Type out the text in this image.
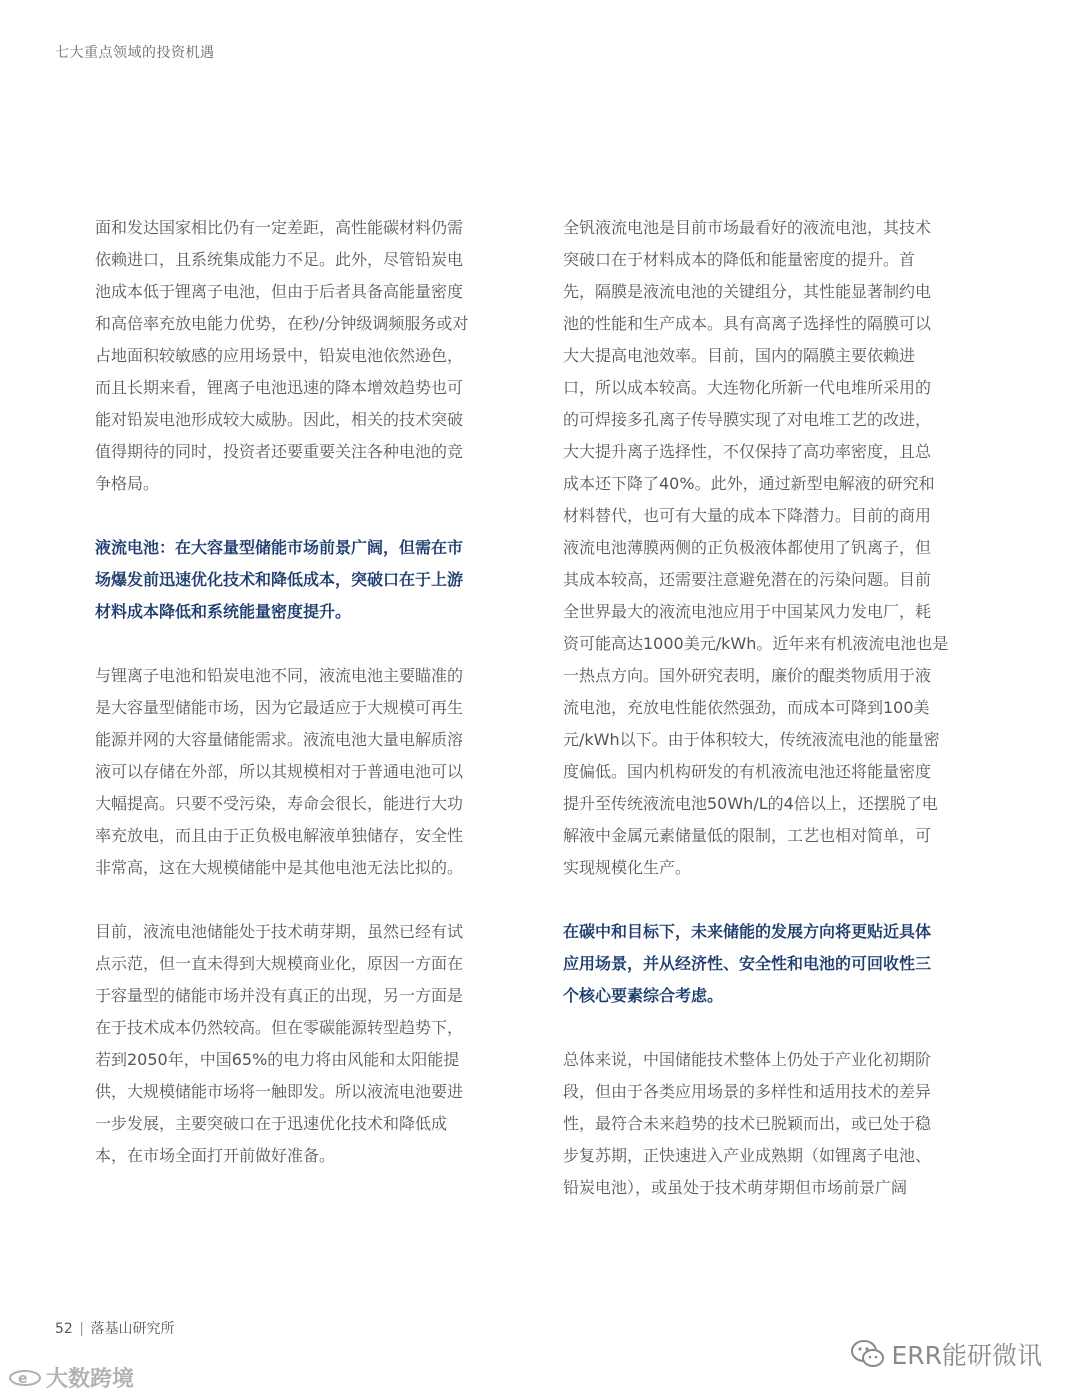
七大重点领域的投资机遇

面和发达国家相比仍有一定差距，高性能碳材料仍需

依赖进口，且系统集成能力不足。此外，尽管铅炭电

池成本低于锂离子电池，但由于后者具备高能量密度

和高倍率充放电能力优势，在秒/分钟级调频服务或对

占地面积较敏感的应用场景中，铅炭电池依然逊色，

而且长期来看，锂离子电池迅速的降本增效趋势也可

能对铅炭电池形成较大威胁。因此，相关的技术突破

值得期待的同时，投资者还要重要关注各种电池的竞

争格局。

液流电池：在大容量型储能市场前景广阔，但需在市

场爆发前迅速优化技术和降低成本，突破口在于上游

材料成本降低和系统能量密度提升。

与锂离子电池和铅炭电池不同，液流电池主要瞄准的

是大容量型储能市场，因为它最适应于大规模可再生

能源并网的大容量储能需求。液流电池大量电解质溶

液可以存储在外部，所以其规模相对于普通电池可以

大幅提高。只要不受污染，寿命会很长，能进行大功

率充放电，而且由于正负极电解液单独储存，安全性

非常高，这在大规模储能中是其他电池无法比拟的。

目前，液流电池储能处于技术萌芽期，虽然已经有试

点示范，但一直未得到大规模商业化，原因一方面在

于容量型的储能市场并没有真正的出现，另一方面是

在于技术成本仍然较高。但在零碳能源转型趋势下，

若到2050年，中国65%的电力将由风能和太阳能提

供，大规模储能市场将一触即发。所以液流电池要进

一步发展，主要突破口在于迅速优化技术和降低成

本，在市场全面打开前做好准备。

全钒液流电池是目前市场最看好的液流电池，其技术

突破口在于材料成本的降低和能量密度的提升。首

先，隔膜是液流电池的关键组分，其性能显著制约电

池的性能和生产成本。具有高离子选择性的隔膜可以

大大提高电池效率。目前，国内的隔膜主要依赖进

口，所以成本较高。大连物化所新一代电堆所采用的

的可焊接多孔离子传导膜实现了对电堆工艺的改进，

大大提升离子选择性，不仅保持了高功率密度，且总

成本还下降了40%。此外，通过新型电解液的研究和

材料替代，也可有大量的成本下降潜力。目前的商用

液流电池薄膜两侧的正负极液体都使用了钒离子，但

其成本较高，还需要注意避免潜在的污染问题。目前

全世界最大的液流电池应用于中国某风力发电厂，耗

资可能高达1000美元/kWh。近年来有机液流电池也是

一热点方向。国外研究表明，廉价的醌类物质用于液

流电池，充放电性能依然强劲，而成本可降到100美

元/kWh以下。由于体积较大，传统液流电池的能量密

度偏低。国内机构研发的有机液流电池还将能量密度

提升至传统液流电池50Wh/L的4倍以上，还摆脱了电

解液中金属元素储量低的限制，工艺也相对简单，可

实现规模化生产。

在碳中和目标下，未来储能的发展方向将更贴近具体

应用场景，并从经济性、安全性和电池的可回收性三

个核心要素综合考虑。

总体来说，中国储能技术整体上仍处于产业化初期阶

段，但由于各类应用场景的多样性和适用技术的差异

性，最符合未来趋势的技术已脱颖而出，或已处于稳

步复苏期，正快速进入产业成熟期（如锂离子电池、

铅炭电池），或虽处于技术萌芽期但市场前景广阔

52 | 落基山研究所
ERR能研微讯
e 大数跨境
